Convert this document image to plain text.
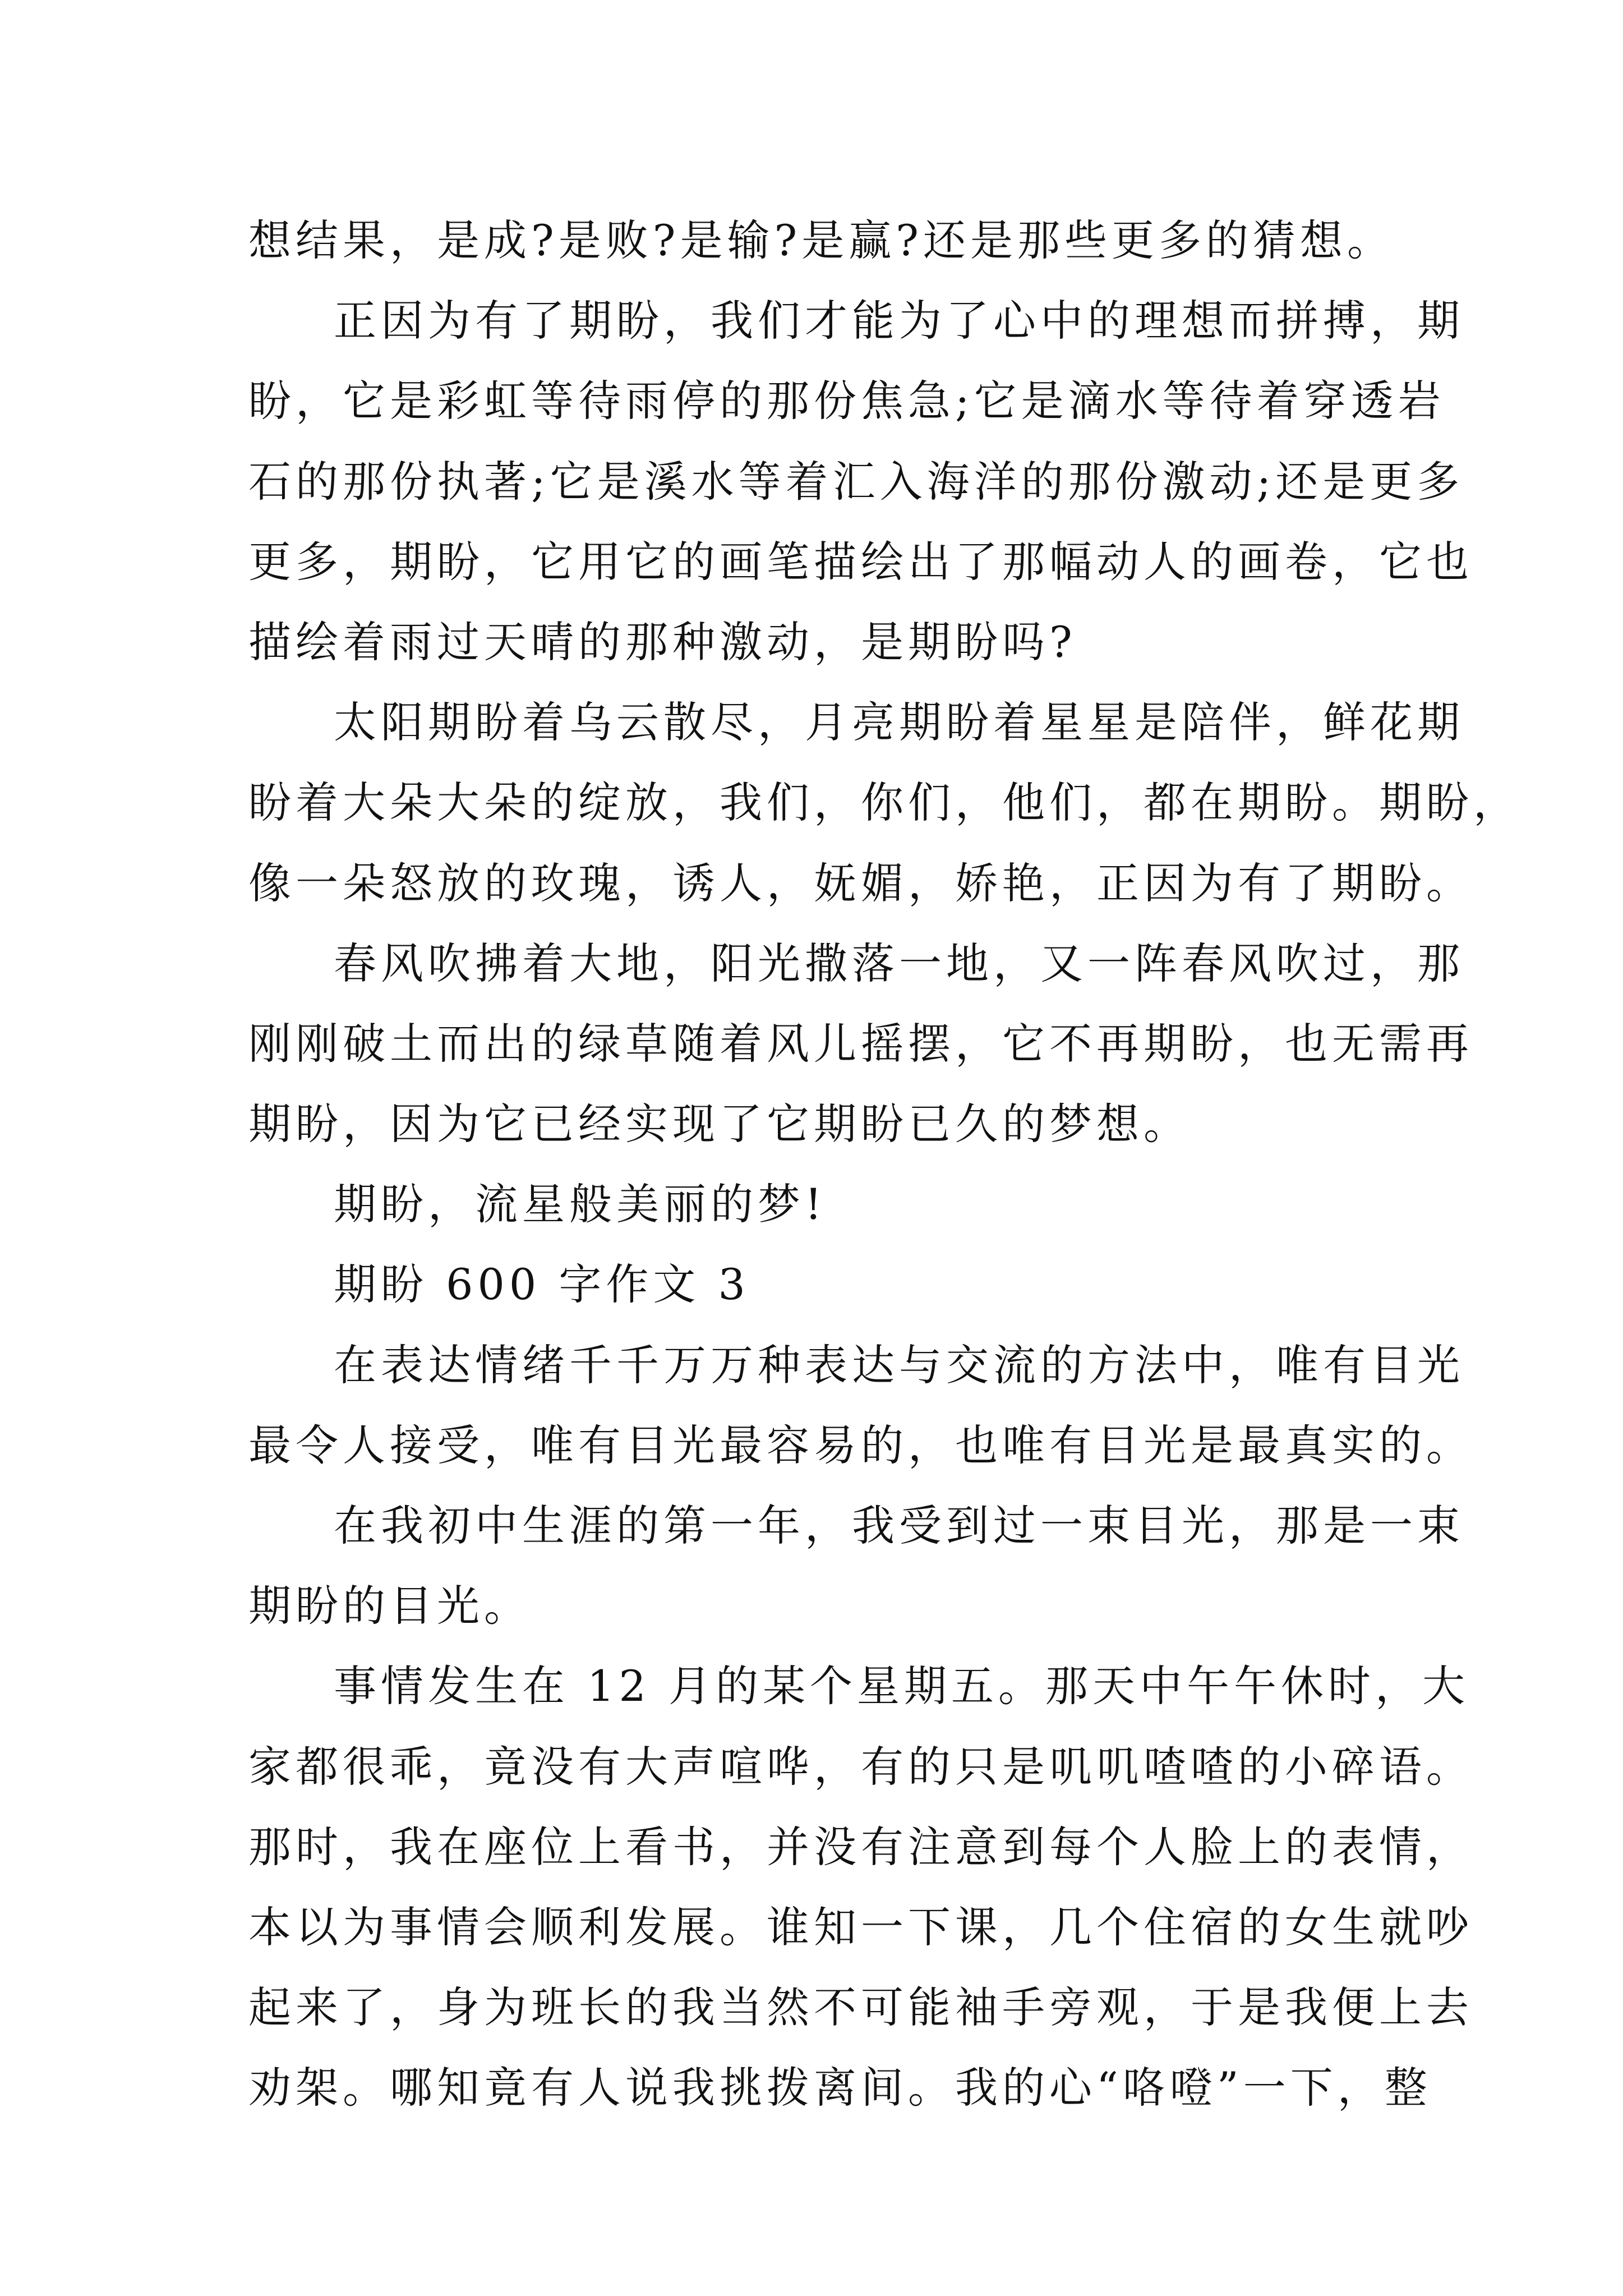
想结果，是成?是败?是输?是赢?还是那些更多的猜想。
正因为有了期盼，我们才能为了心中的理想而拼搏，期
盼，它是彩虹等待雨停的那份焦急;它是滴水等待着穿透岩
石的那份执著;它是溪水等着汇入海洋的那份激动;还是更多
更多，期盼，它用它的画笔描绘出了那幅动人的画卷，它也
描绘着雨过天晴的那种激动，是期盼吗?
太阳期盼着乌云散尽，月亮期盼着星星是陪伴，鲜花期
盼着大朵大朵的绽放，我们，你们，他们，都在期盼。期盼，
像一朵怒放的玫瑰，诱人，妩媚，娇艳，正因为有了期盼。
春风吹拂着大地，阳光撒落一地，又一阵春风吹过，那
刚刚破土而出的绿草随着风儿摇摆，它不再期盼，也无需再
期盼，因为它已经实现了它期盼已久的梦想。
期盼，流星般美丽的梦!
期盼 600 字作文 3
在表达情绪千千万万种表达与交流的方法中，唯有目光
最令人接受，唯有目光最容易的，也唯有目光是最真实的。
在我初中生涯的第一年，我受到过一束目光，那是一束
期盼的目光。
事情发生在 12 月的某个星期五。那天中午午休时，大
家都很乖，竟没有大声喧哗，有的只是叽叽喳喳的小碎语。
那时，我在座位上看书，并没有注意到每个人脸上的表情，
本以为事情会顺利发展。谁知一下课，几个住宿的女生就吵
起来了，身为班长的我当然不可能袖手旁观，于是我便上去
劝架。哪知竟有人说我挑拨离间。我的心“咯噔”一下，整
